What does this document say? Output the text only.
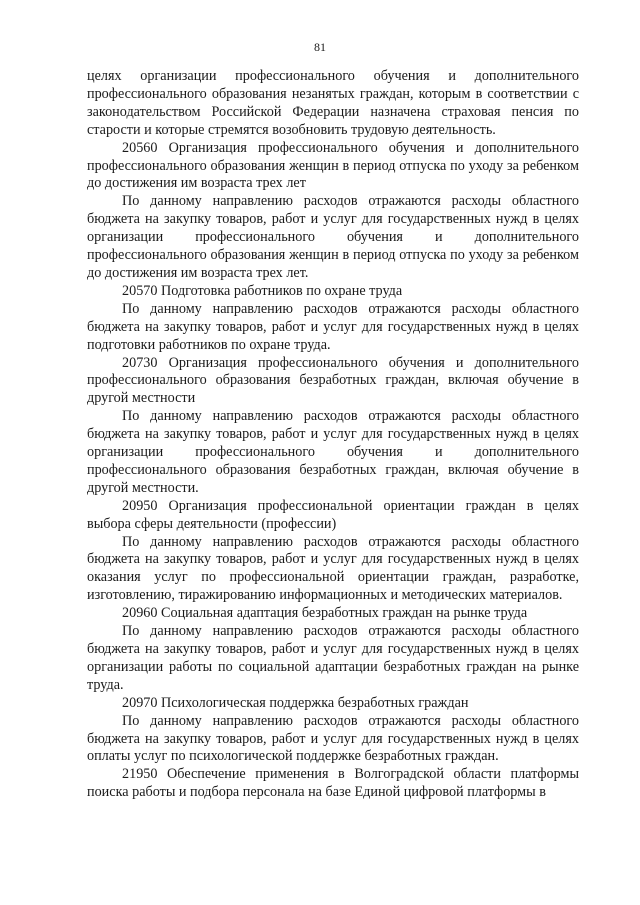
81

целях организации профессионального обучения и дополнительного профессионального образования незанятых граждан, которым в соответствии с законодательством Российской Федерации назначена страховая пенсия по старости и которые стремятся возобновить трудовую деятельность.

20560 Организация профессионального обучения и дополнительного профессионального образования женщин в период отпуска по уходу за ребенком до достижения им возраста трех лет

По данному направлению расходов отражаются расходы областного бюджета на закупку товаров, работ и услуг для государственных нужд в целях организации профессионального обучения и дополнительного профессионального образования женщин в период отпуска по уходу за ребенком до достижения им возраста трех лет.

20570 Подготовка работников по охране труда

По данному направлению расходов отражаются расходы областного бюджета на закупку товаров, работ и услуг для государственных нужд в целях подготовки работников по охране труда.

20730 Организация профессионального обучения и дополнительного профессионального образования безработных граждан, включая обучение в другой местности

По данному направлению расходов отражаются расходы областного бюджета на закупку товаров, работ и услуг для государственных нужд в целях организации профессионального обучения и дополнительного профессионального образования безработных граждан, включая обучение в другой местности.

20950 Организация профессиональной ориентации граждан в целях выбора сферы деятельности (профессии)

По данному направлению расходов отражаются расходы областного бюджета на закупку товаров, работ и услуг для государственных нужд в целях оказания услуг по профессиональной ориентации граждан, разработке, изготовлению, тиражированию информационных и методических материалов.

20960 Социальная адаптация безработных граждан на рынке труда

По данному направлению расходов отражаются расходы областного бюджета на закупку товаров, работ и услуг для государственных нужд в целях организации работы по социальной адаптации безработных граждан на рынке труда.

20970 Психологическая поддержка безработных граждан

По данному направлению расходов отражаются расходы областного бюджета на закупку товаров, работ и услуг для государственных нужд в целях оплаты услуг по психологической поддержке безработных граждан.

21950 Обеспечение применения в Волгоградской области платформы поиска работы и подбора персонала на базе Единой цифровой платформы в
